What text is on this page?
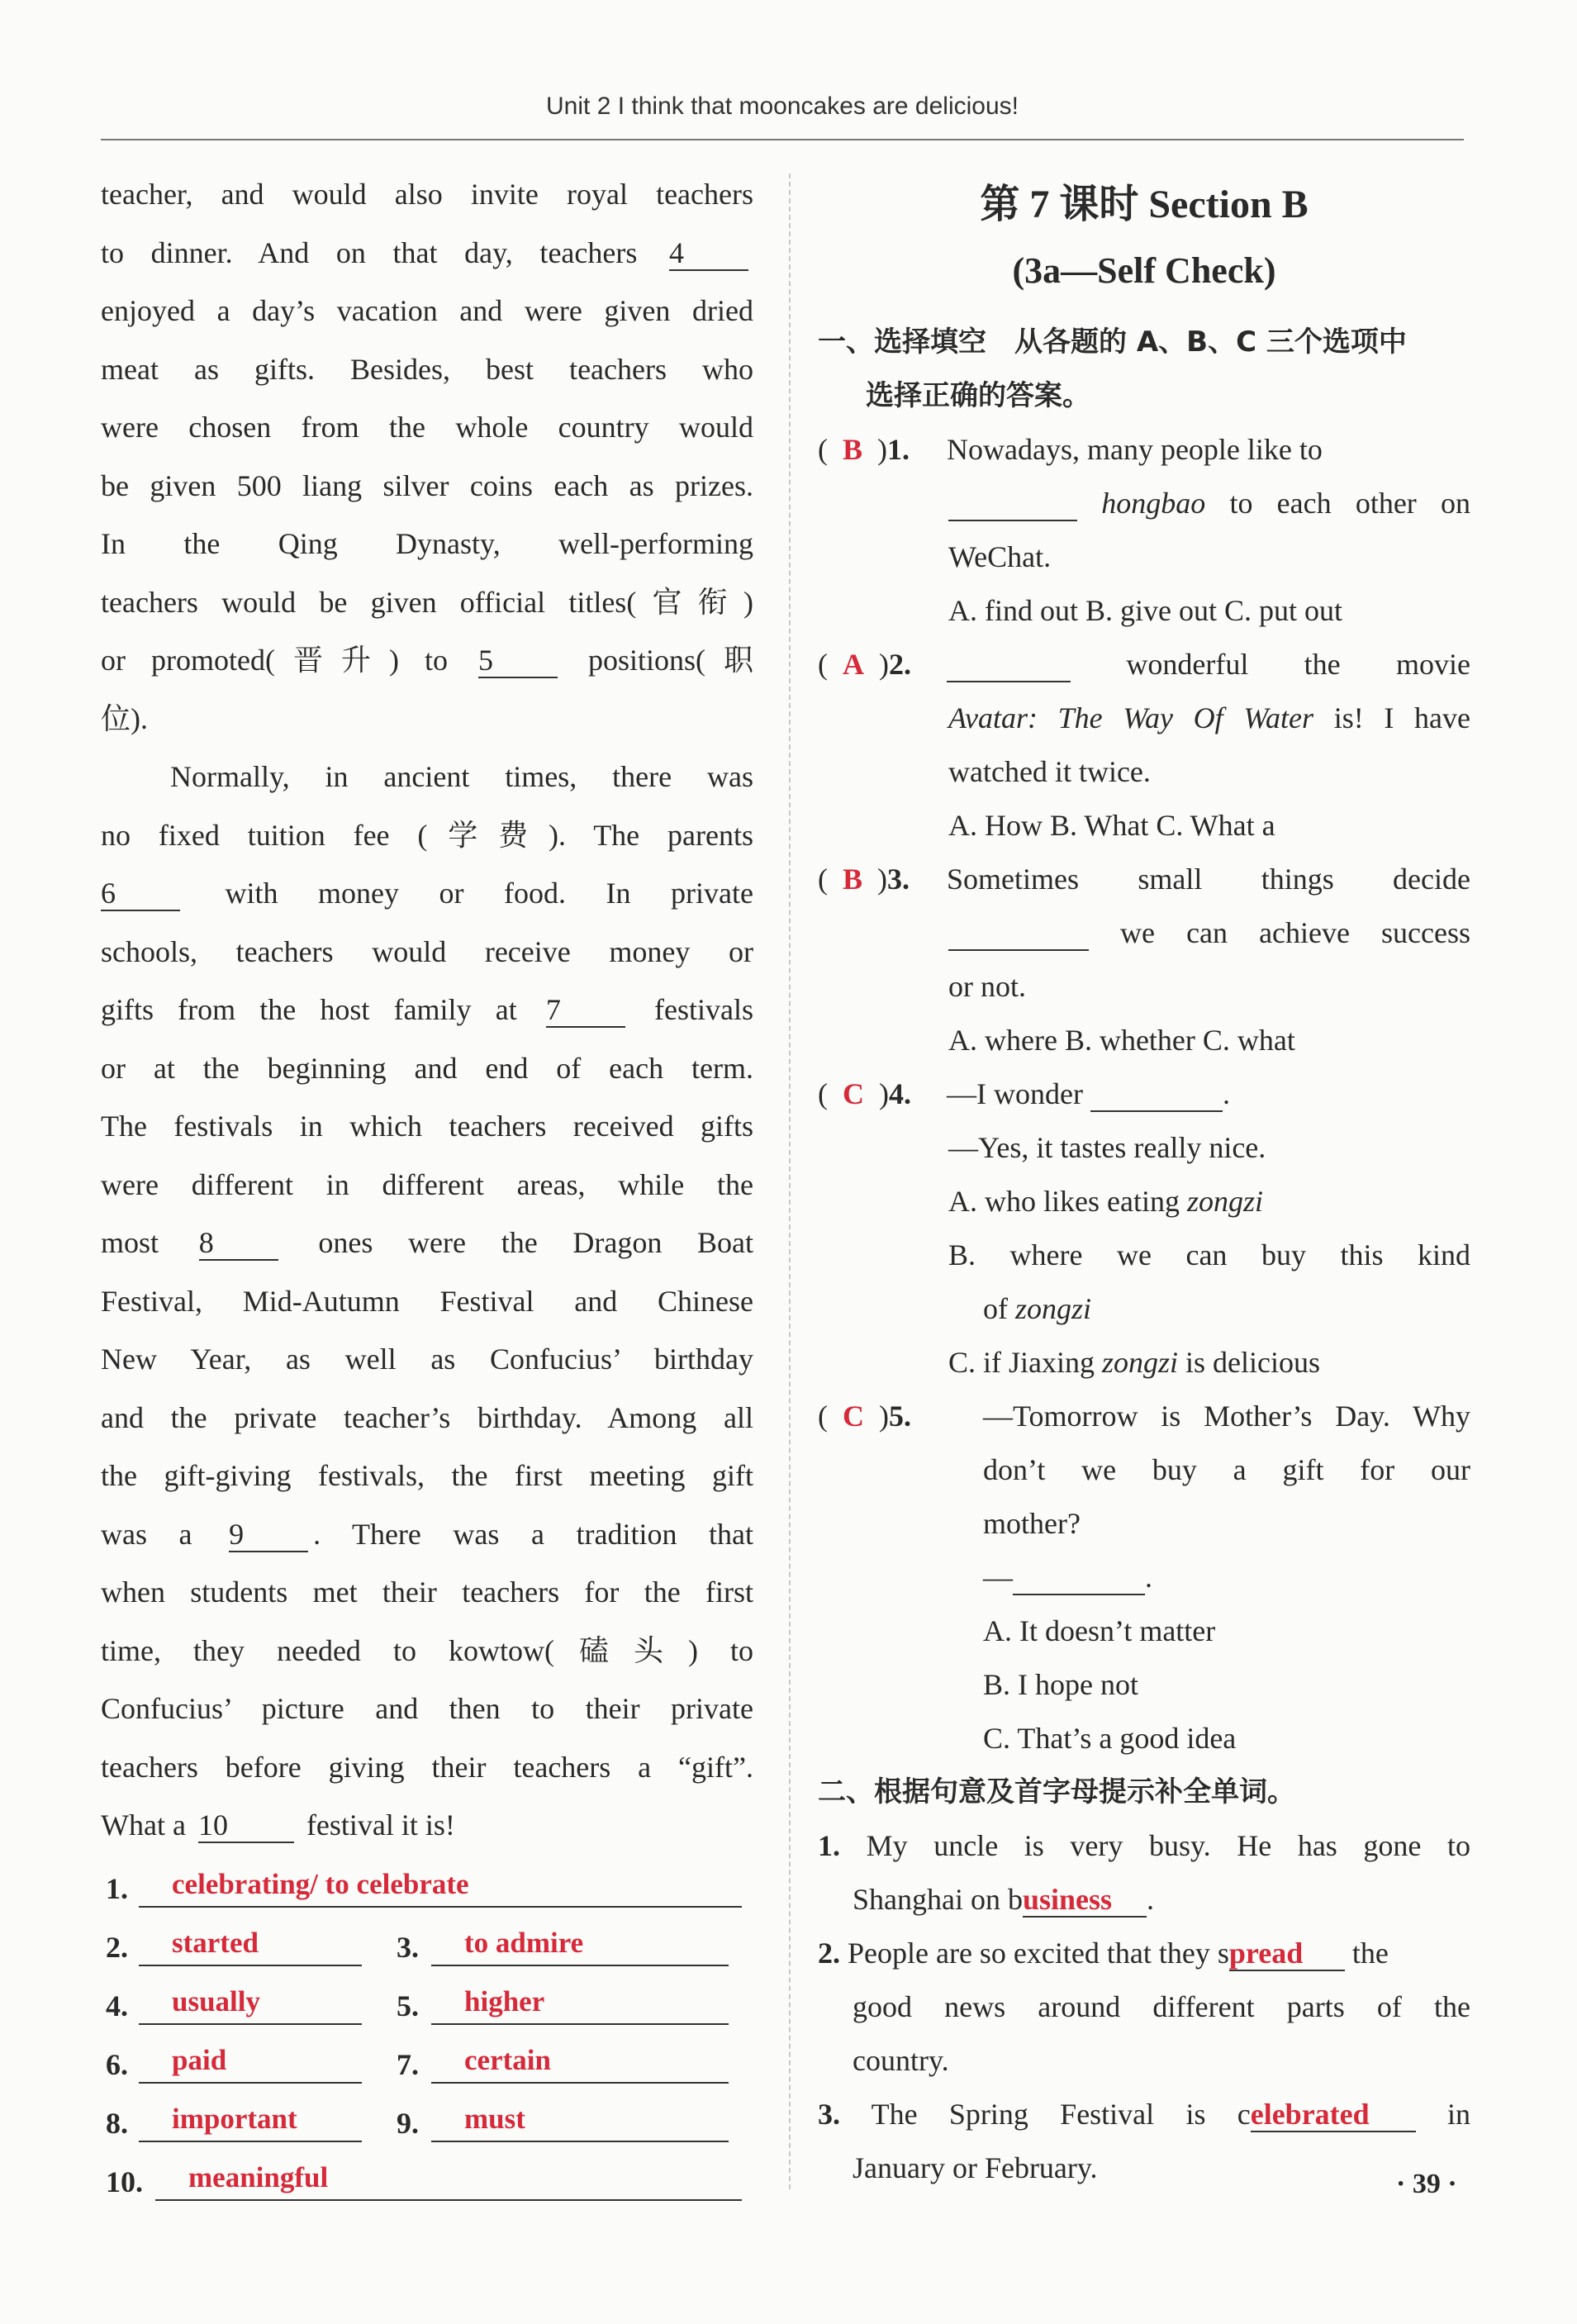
Unit 2 I think that mooncakes are delicious!

teacher, and would also invite royal teachers

to dinner. And on that day, teachers 4

enjoyed a day’s vacation and were given dried

meat as gifts. Besides, best teachers who

were chosen from the whole country would

be given 500 liang silver coins each as prizes.

In the Qing Dynasty, well-performing

teachers would be given official titles(官衔)

or promoted(晋升) to 5	positions(职

位).

Normally, in ancient times, there was

no fixed tuition fee (学费). The parents

6	with money or food. In private

schools, teachers would receive money or

gifts from the host family at 7	festivals

or at the beginning and end of each term.

The festivals in which teachers received gifts

were different in different areas, while the

most 8	ones were the Dragon Boat

Festival, Mid-Autumn Festival and Chinese

New Year, as well as Confucius’ birthday

and the private teacher’s birthday. Among all

the gift-giving festivals, the first meeting gift

was a 9 . There was a tradition that

when students met their teachers for the first

time, they needed to kowtow(磕头) to

Confucius’ picture and then to their private

teachers before giving their teachers a “gift”.

What a 10	festival it is!

1. celebrating/ to celebrate
2. started	3. to admire
4. usually	5. higher
6. paid	7. certain
8. important	9. must
10. meaningful
第 7 课时 Section B
(3a—Self Check)

一、选择填空　从各题的 A、B、C 三个选项中
选择正确的答案。

( B )1. Nowadays, many people like to
hongbao to each other on
WeChat.
A. find out B. give out C. put out
( A )2.	wonderful the movie
Avatar: The Way Of Water is! I have
watched it twice.
A. How B. What C. What a
( B )3.	Sometimes small things decide
we can achieve success
or not.
A. where B. whether C. what
( C )4. —I wonder	.
—Yes, it tastes really nice.
A. who likes eating zongzi
B. where we can buy this kind
of zongzi
C. if Jiaxing zongzi is delicious
( C )5.	—Tomorrow is Mother’s Day. Why
don’t we buy a gift for our
mother?
—	.
A. It doesn’t matter
B. I hope not
C. That’s a good idea

二、根据句意及首字母提示补全单词。

1. My uncle is very busy. He has gone to
Shanghai on business .
2. People are so excited that they spread the
good news around different parts of the
country.
3. The Spring Festival is celebrated	in
January or February.	· 39 ·
